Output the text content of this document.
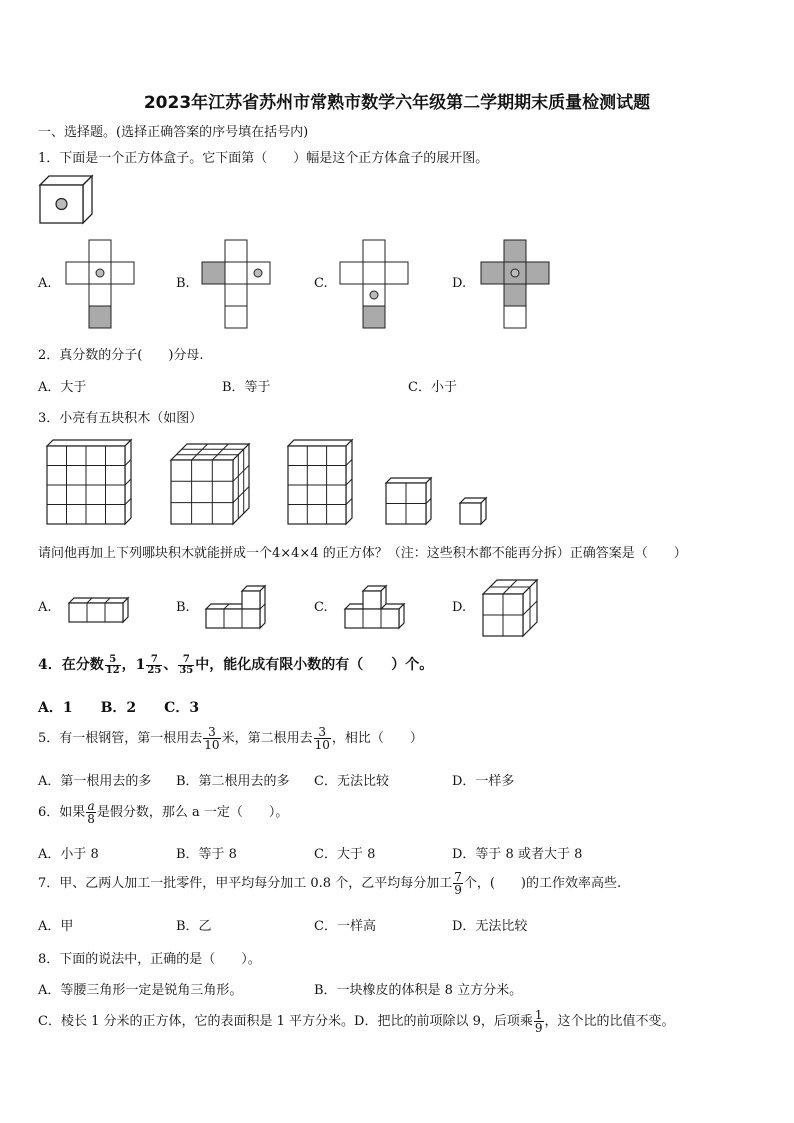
2023年江苏省苏州市常熟市数学六年级第二学期期末质量检测试题
一、选择题。(选择正确答案的序号填在括号内)
1．下面是一个正方体盒子。它下面第（　　）幅是这个正方体盒子的展开图。
A.	B.	C.	D.
2．真分数的分子(　　)分母.
A．大于	B．等于	C．小于
3．小亮有五块积木（如图）
请问他再加上下列哪块积木就能拼成一个4×4×4 的正方体？（注：这些积木都不能再分拆）正确答案是（　　）
A.	B.	C.	D.
4．在分数 $\frac{5}{12}$ ，$1 \frac{7}{25}$ 、 $\frac{7}{35}$ 中，能化成有限小数的有（　　）个。
A．1　　B．2　　C．3
5．有一根钢管，第一根用去 $\frac{3}{10}$ 米，第二根用去 $\frac{3}{10}$ ，相比（　　）
A．第一根用去的多 B．第二根用去的多 C．无法比较	D．一样多
6．如果 $\frac{a}{8}$ 是假分数，那么 a 一定（　　）。
A．小于 8	B．等于 8	C．大于 8	D．等于 8 或者大于 8
7．甲、乙两人加工一批零件，甲平均每分加工 0.8 个，乙平均每分加工 $\frac{7}{9}$ 个，(　　)的工作效率高些.
A．甲	B．乙	C．一样高	D．无法比较
8．下面的说法中，正确的是（　　）。
A．等腰三角形一定是锐角三角形。	B．一块橡皮的体积是 8 立方分米。
C．棱长 1 分米的正方体，它的表面积是 1 平方分米。D．把比的前项除以 9，后项乘 $\frac{1}{9}$ ，这个比的比值不变。
